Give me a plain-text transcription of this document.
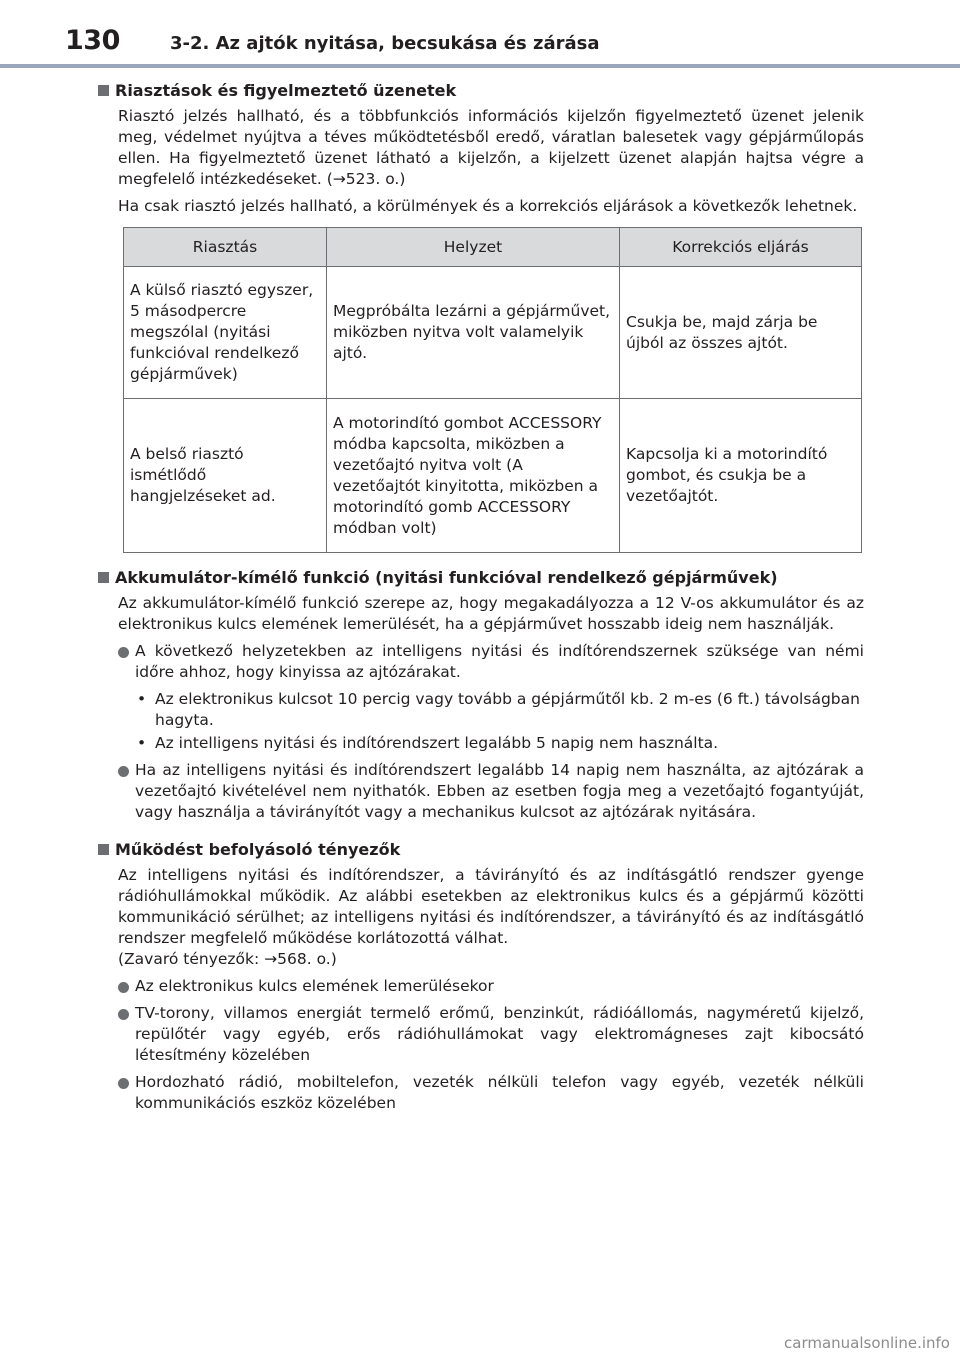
130	3-2. Az ajtók nyitása, becsukása és zárása
Riasztások és figyelmeztető üzenetek

Riasztó jelzés hallható, és a többfunkciós információs kijelzőn figyelmeztető üzenet jelenik meg, védelmet nyújtva a téves működtetésből eredő, váratlan balesetek vagy gépjárműlopás ellen. Ha figyelmeztető üzenet látható a kijelzőn, a kijelzett üzenet alapján hajtsa végre a megfelelő intézkedéseket. (→523. o.)

Ha csak riasztó jelzés hallható, a körülmények és a korrekciós eljárások a következők lehetnek.

Riasztás	Helyzet	Korrekciós eljárás
A külső riasztó egyszer, 5 másodpercre megszólal (nyitási funkcióval rendelkező gépjárművek)	Megpróbálta lezárni a gépjárművet, miközben nyitva volt valamelyik ajtó.	Csukja be, majd zárja be újból az összes ajtót.
A belső riasztó ismétlődő hangjelzéseket ad.	A motorindító gombot ACCESSORY módba kapcsolta, miközben a vezetőajtó nyitva volt (A vezetőajtót kinyitotta, miközben a motorindító gomb ACCESSORY módban volt)	Kapcsolja ki a motorindító gombot, és csukja be a vezetőajtót.
Akkumulátor-kímélő funkció (nyitási funkcióval rendelkező gépjárművek)

Az akkumulátor-kímélő funkció szerepe az, hogy megakadályozza a 12 V-os akkumulátor és az elektronikus kulcs elemének lemerülését, ha a gépjárművet hosszabb ideig nem használják.

A következő helyzetekben az intelligens nyitási és indítórendszernek szüksége van némi időre ahhoz, hogy kinyissa az ajtózárakat.
• Az elektronikus kulcsot 10 percig vagy tovább a gépjárműtől kb. 2 m-es (6 ft.) távolságban hagyta.
• Az intelligens nyitási és indítórendszert legalább 5 napig nem használta.
Ha az intelligens nyitási és indítórendszert legalább 14 napig nem használta, az ajtózárak a vezetőajtó kivételével nem nyithatók. Ebben az esetben fogja meg a vezetőajtó fogantyúját, vagy használja a távirányítót vagy a mechanikus kulcsot az ajtózárak nyitására.
Működést befolyásoló tényezők

Az intelligens nyitási és indítórendszer, a távirányító és az indításgátló rendszer gyenge rádióhullámokkal működik. Az alábbi esetekben az elektronikus kulcs és a gépjármű közötti kommunikáció sérülhet; az intelligens nyitási és indítórendszer, a távirányító és az indításgátló rendszer megfelelő működése korlátozottá válhat.

(Zavaró tényezők: →568. o.)

Az elektronikus kulcs elemének lemerülésekor
TV-torony, villamos energiát termelő erőmű, benzinkút, rádióállomás, nagyméretű kijelző, repülőtér vagy egyéb, erős rádióhullámokat vagy elektromágneses zajt kibocsátó létesítmény közelében
Hordozható rádió, mobiltelefon, vezeték nélküli telefon vagy egyéb, vezeték nélküli kommunikációs eszköz közelében
carmanualsonline.info
